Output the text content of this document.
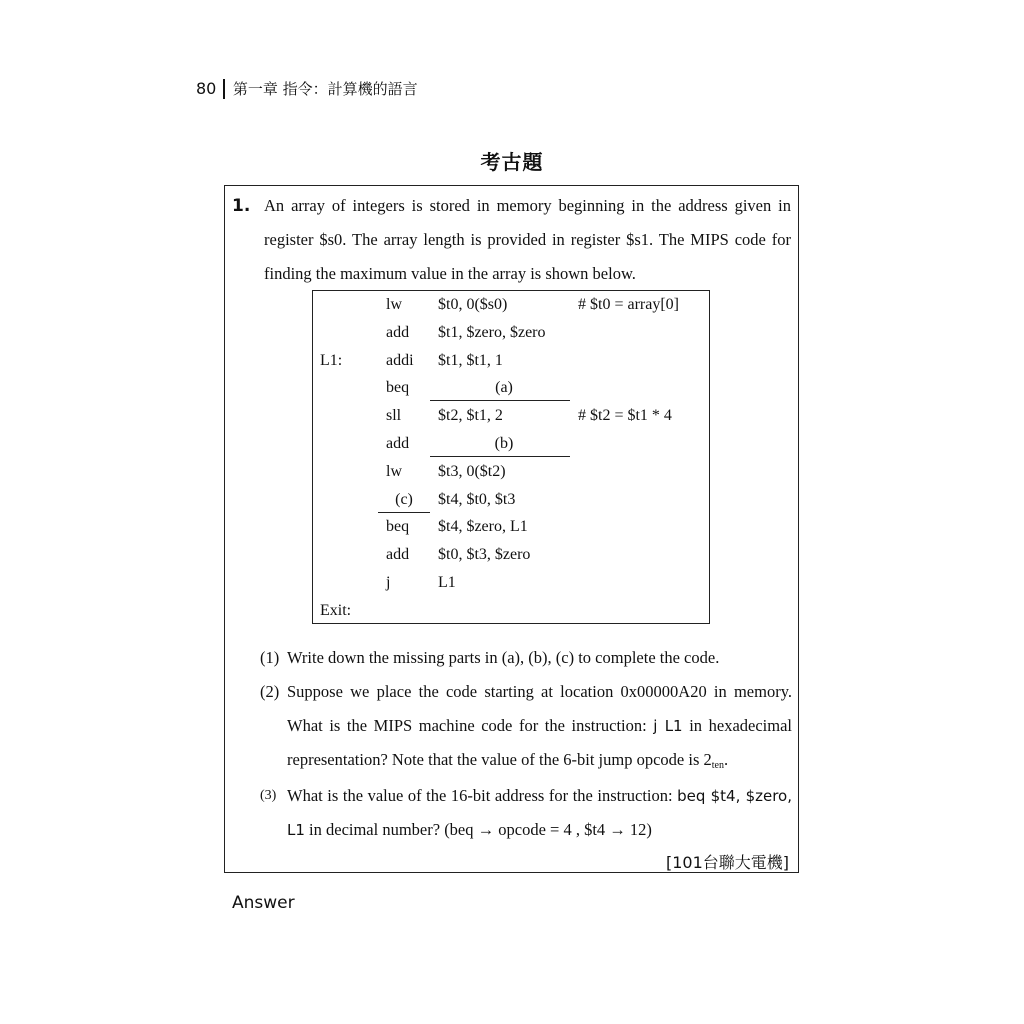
80 第一章 指令：計算機的語言
考古題
1. An array of integers is stored in memory beginning in the address given in
register $s0. The array length is provided in register $s1. The MIPS code for
finding the maximum value in the array is shown below.
lw $t0, 0($s0)	# $t0 = array[0]
add $t1, $zero, $zero
L1:	addi $t1, $t1, 1
beq	(a)
sll $t2, $t1, 2	# $t2 = $t1 * 4
add	(b)
lw $t3, 0($t2)
(c)	$t4, $t0, $t3
beq $t4, $zero, L1
add $t0, $t3, $zero
j	L1
Exit:
(1) Write down the missing parts in (a), (b), (c) to complete the code.
(2) Suppose we place the code starting at location 0x00000A20 in memory.
What is the MIPS machine code for the instruction: j L1 in hexadecimal
representation? Note that the value of the 6-bit jump opcode is $2_{ten}$.
(3) What is the value of the 16-bit address for the instruction: beq $t4, $zero,
L1 in decimal number? (beq → opcode = 4 , $t4 → 12)
[101台聯大電機]
Answer
